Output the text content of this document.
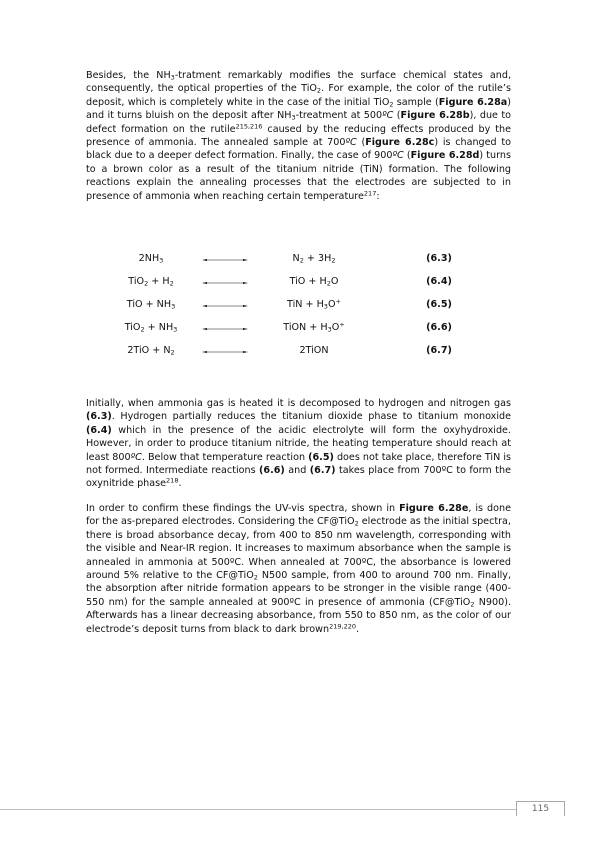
Besides, the $NH_3$-tratment remarkably modifies the surface chemical states and, consequently, the optical properties of the TiO$_2$. For example, the color of the rutile’s deposit, which is completely white in the case of the initial TiO$_2$ sample (Figure 6.28a) and it turns bluish on the deposit after $NH_3$-treatment at 500ºC (Figure 6.28b), due to defect formation on the rutile$^{215,216}$ caused by the reducing effects produced by the presence of ammonia. The annealed sample at 700ºC (Figure 6.28c) is changed to black due to a deeper defect formation. Finally, the case of 900ºC (Figure 6.28d) turns to a brown color as a result of the titanium nitride (TiN) formation. The following reactions explain the annealing processes that the electrodes are subjected to in presence of ammonia when reaching certain temperature$^{217}$:
$2NH_3$	$N_2 + 3H_2$	(6.3)
$TiO_2 + H_2$	TiO + $H_2O$	(6.4)
TiO + $NH_3$	TiN + $H_3O^+$	(6.5)
$TiO_2 + NH_3$	TiON + $H_3O^+$	(6.6)
$2TiO + N_2$	2TiON	(6.7)
Initially, when ammonia gas is heated it is decomposed to hydrogen and nitrogen gas (6.3). Hydrogen partially reduces the titanium dioxide phase to titanium monoxide (6.4) which in the presence of the acidic electrolyte will form the oxyhydroxide. However, in order to produce titanium nitride, the heating temperature should reach at least 800ºC. Below that temperature reaction (6.5) does not take place, therefore TiN is not formed. Intermediate reactions (6.6) and (6.7) takes place from 700ºC to form the oxynitride phase$^{218}$.
In order to confirm these findings the UV-vis spectra, shown in Figure 6.28e, is done for the as-prepared electrodes. Considering the CF@TiO$_2$ electrode as the initial spectra, there is broad absorbance decay, from 400 to 850 nm wavelength, corresponding with the visible and Near-IR region. It increases to maximum absorbance when the sample is annealed in ammonia at 500ºC. When annealed at 700ºC, the absorbance is lowered around 5% relative to the CF@TiO$_2$ N500 sample, from 400 to around 700 nm. Finally, the absorption after nitride formation appears to be stronger in the visible range (400-550 nm) for the sample annealed at 900ºC in presence of ammonia (CF@TiO$_2$ N900). Afterwards has a linear decreasing absorbance, from 550 to 850 nm, as the color of our electrode’s deposit turns from black to dark brown$^{219,220}$.
115
